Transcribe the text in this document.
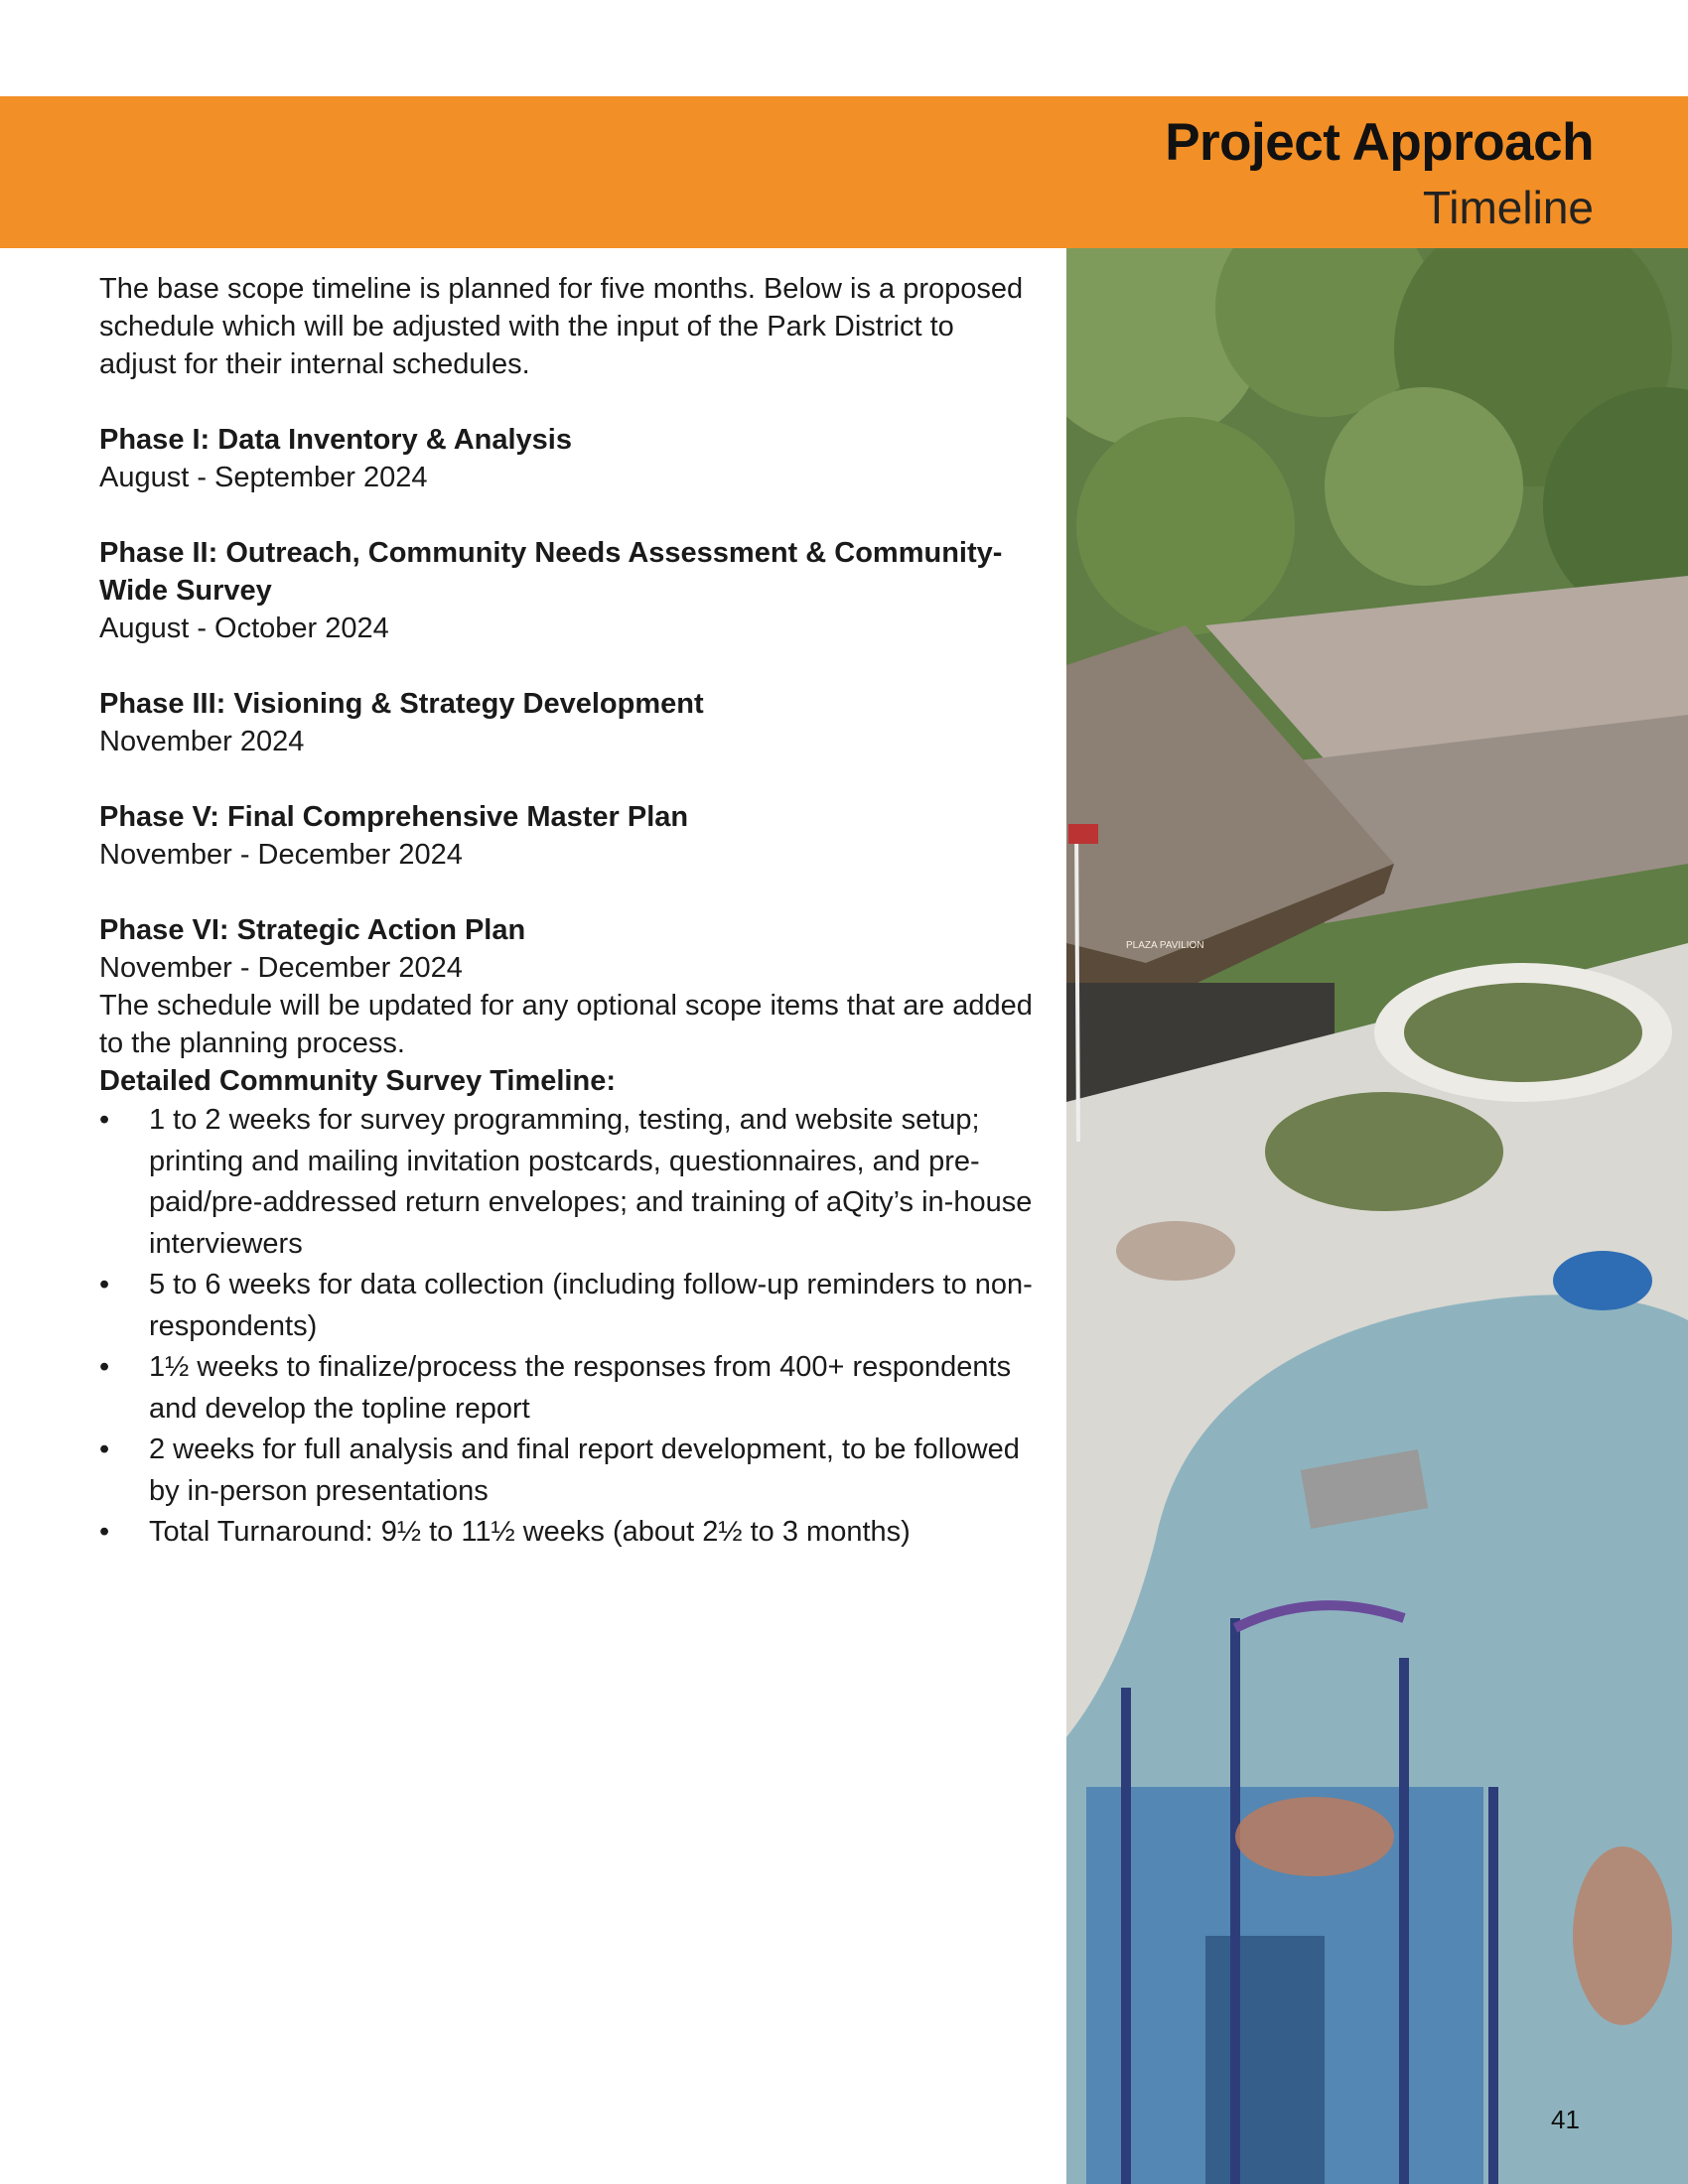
Project Approach
Timeline
PLAZA PAVILION

The base scope timeline is planned for five months. Below is a proposed schedule which will be adjusted with the input of the Park District to adjust for their internal schedules.

Phase I: Data Inventory & Analysis

August - September 2024

Phase II: Outreach, Community Needs Assessment & Community-Wide Survey

August - October 2024

Phase III: Visioning & Strategy Development

November 2024

Phase V: Final Comprehensive Master Plan

November - December 2024

Phase VI: Strategic Action Plan

November - December 2024

The schedule will be updated for any optional scope items that are added to the planning process.

Detailed Community Survey Timeline:

• 1 to 2 weeks for survey programming, testing, and website setup; printing and mailing invitation postcards, questionnaires, and pre-paid/pre-addressed return envelopes; and training of aQity’s in-house interviewers
• 5 to 6 weeks for data collection (including follow-up reminders to non-respondents)
• 1½ weeks to finalize/process the responses from 400+ respondents and develop the topline report
• 2 weeks for full analysis and final report development, to be followed by in-person presentations
• Total Turnaround: 9½ to 11½ weeks (about 2½ to 3 months)
41
